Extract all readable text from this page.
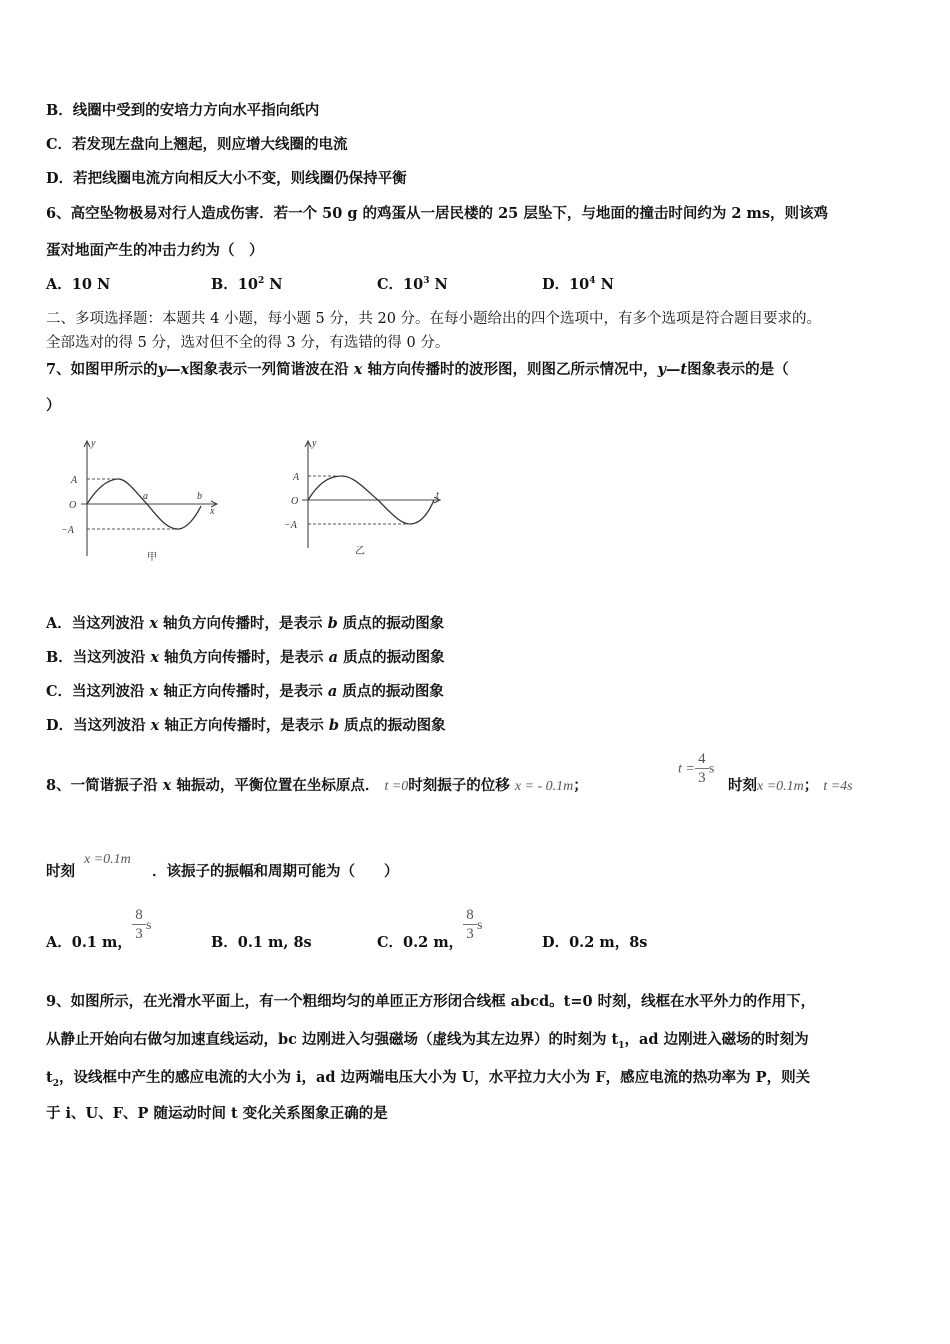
B．线圈中受到的安培力方向水平指向纸内
C．若发现左盘向上翘起，则应增大线圈的电流
D．若把线圈电流方向相反大小不变，则线圈仍保持平衡
6、高空坠物极易对行人造成伤害．若一个 50 g 的鸡蛋从一居民楼的 25 层坠下，与地面的撞击时间约为 2 ms，则该鸡
蛋对地面产生的冲击力约为（　）
A．10 N	B．$10^2$ N	C．$10^3$ N	D．$10^4$ N
二、多项选择题：本题共 4 小题，每小题 5 分，共 20 分。在每小题给出的四个选项中，有多个选项是符合题目要求的。
全部选对的得 5 分，选对但不全的得 3 分，有选错的得 0 分。
7、如图甲所示的y—x图象表示一列简谐波在沿 x 轴方向传播时的波形图，则图乙所示情况中，y—t图象表示的是（
）
y
A
O
−A
a	b
x
甲
y
A
O
−A
t
乙
A．当这列波沿 x 轴负方向传播时，是表示 b 质点的振动图象
B．当这列波沿 x 轴负方向传播时，是表示 a 质点的振动图象
C．当这列波沿 x 轴正方向传播时，是表示 a 质点的振动图象
D．当这列波沿 x 轴正方向传播时，是表示 b 质点的振动图象
8、一简谐振子沿 x 轴振动，平衡位置在坐标原点． t =0时刻振子的位移 x = - 0.1m；
$t = \frac{4}{3}$ s
时刻x =0.1m； t =4s
时刻
x =0.1m
．该振子的振幅和周期可能为（　　）
A．0.1 m， $\frac{8}{3}$ s
B．0.1 m, 8s	C．0.2 m， $\frac{8}{3}$ s
D．0.2 m，8s
9、如图所示，在光滑水平面上，有一个粗细均匀的单匝正方形闭合线框 abcd。t=0 时刻，线框在水平外力的作用下，
从静止开始向右做匀加速直线运动，bc 边刚进入匀强磁场（虚线为其左边界）的时刻为 $t_1$，ad 边刚进入磁场的时刻为
$t_2$，设线框中产生的感应电流的大小为 i，ad 边两端电压大小为 U，水平拉力大小为 F，感应电流的热功率为 P，则关
于 i、U、F、P 随运动时间 t 变化关系图象正确的是
